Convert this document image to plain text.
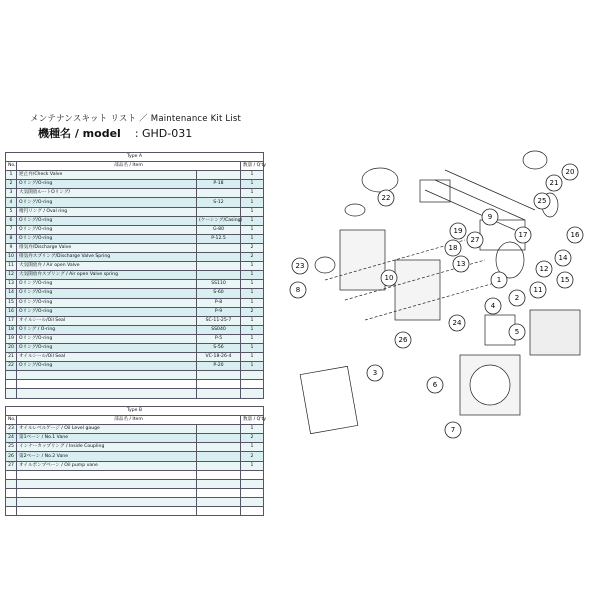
メンテナンスキット リスト ／ Maintenance Kit List
機種名 / model : GHD-031
Type A			
No.	部品名 / Item		数量 / Q'ty
1	逆止弁/Check Valve		1
2	Oリング/O-ring	P-18	1
3	大気開放ルートOリング/		1
4	Oリング/O-ring	S-12	1
5	楕円リング / Oval ring		1
6	Oリング/O-ring	(ケーシング/Casing)	1
7	Oリング/O-ring	G-80	1
8	Oリング/O-ring	P-12.5	1
9	排気弁/Discharge Valve		2
10	排気弁スプリング/Discharge Valve Spring		2
11	大気開放弁 / Air open Valve		1
12	大気開放弁スプリング / Air open Valve spring		1
13	Oリング/O-ring	SS110	1
14	Oリング/O-ring	S-60	1
15	Oリング/O-ring	P-8	1
16	Oリング/O-ring	P-9	2
17	オイルシール/Oil Seal	SC-11-25-7	1
18	Oリング / O-ring	SS040	1
19	Oリング/O-ring	P-5	1
20	Oリング/O-ring	S-56	1
21	オイルシール/Oil Seal	VC-18-26-4	1
22	Oリング/O-ring	P-20	1

Type B			
No.	部品名 / Item		数量 / Q'ty
23	オイルレベルゲージ / Oil Level gauge		1
24	第1ベーン / No.1 Vane		2
25	インナーカップリング / Inside Coupling		1
26	第2ベーン / No.2 Vane		2
27	オイルポンプベーン / Oil pump vane		1

1
2
3
4
5
6
7
8
9
10
11
12
13
14
15
16
17
18
19
20
21
22
23
24
25
26
27
